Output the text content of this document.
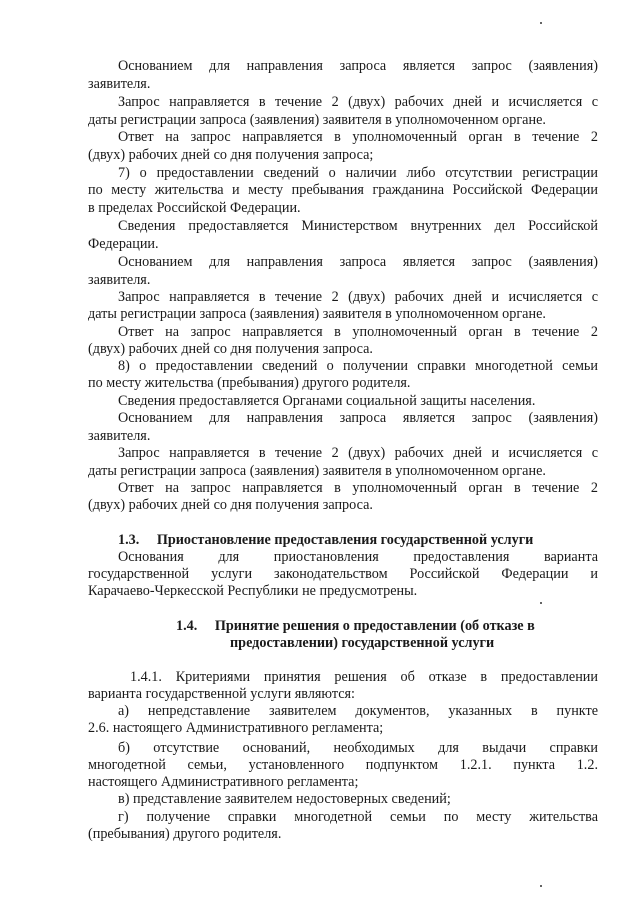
Основанием для направления запроса является запрос (заявления)
заявителя.
Запрос направляется в течение 2 (двух) рабочих дней и исчисляется с
даты регистрации запроса (заявления) заявителя в уполномоченном органе.
Ответ на запрос направляется в уполномоченный орган в течение 2
(двух) рабочих дней со дня получения запроса;
7) о предоставлении сведений о наличии либо отсутствии регистрации
по месту жительства и месту пребывания гражданина Российской Федерации
в пределах Российской Федерации.
Сведения предоставляется Министерством внутренних дел Российской
Федерации.
Основанием для направления запроса является запрос (заявления)
заявителя.
Запрос направляется в течение 2 (двух) рабочих дней и исчисляется с
даты регистрации запроса (заявления) заявителя в уполномоченном органе.
Ответ на запрос направляется в уполномоченный орган в течение 2
(двух) рабочих дней со дня получения запроса.
8) о предоставлении сведений о получении справки многодетной семьи
по месту жительства (пребывания) другого родителя.
Сведения предоставляется Органами социальной защиты населения.
Основанием для направления запроса является запрос (заявления)
заявителя.
Запрос направляется в течение 2 (двух) рабочих дней и исчисляется с
даты регистрации запроса (заявления) заявителя в уполномоченном органе.
Ответ на запрос направляется в уполномоченный орган в течение 2
(двух) рабочих дней со дня получения запроса.
1.3. Приостановление предоставления государственной услуги
Основания для приостановления предоставления варианта
государственной услуги законодательством Российской Федерации и
Карачаево-Черкесской Республики не предусмотрены.
1.4. Принятие решения о предоставлении (об отказе в
предоставлении) государственной услуги
1.4.1. Критериями принятия решения об отказе в предоставлении
варианта государственной услуги являются:
а) непредставление заявителем документов, указанных в пункте
2.6. настоящего Административного регламента;
б) отсутствие оснований, необходимых для выдачи справки
многодетной семьи, установленного подпунктом 1.2.1. пункта 1.2.
настоящего Административного регламента;
в) представление заявителем недостоверных сведений;
г) получение справки многодетной семьи по месту жительства
(пребывания) другого родителя.
